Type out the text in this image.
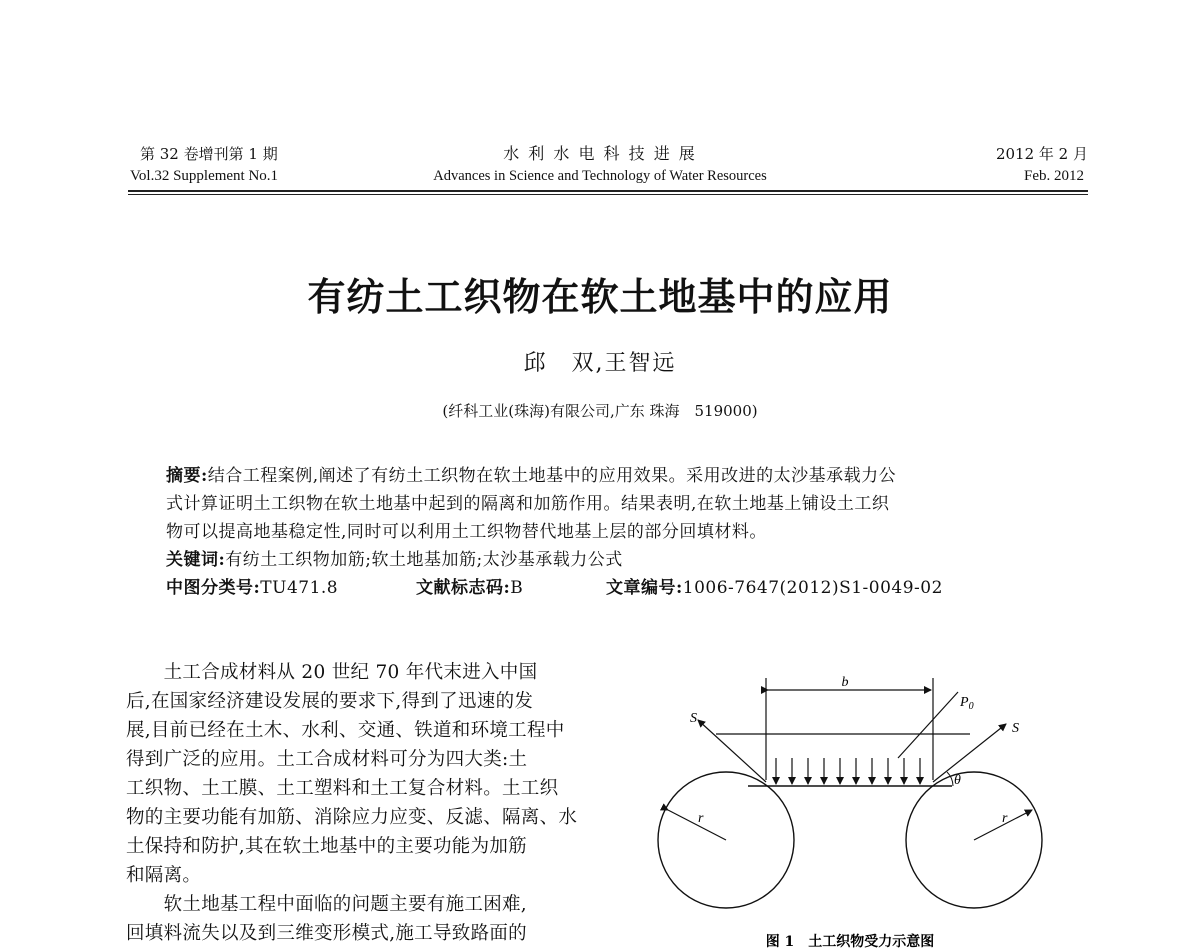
第 32 卷增刊第 1 期
Vol.32 Supplement No.1
水 利 水 电 科 技 进 展
Advances in Science and Technology of Water Resources
2012 年 2 月
Feb. 2012
有纺土工织物在软土地基中的应用
邱　双,王智远
(纤科工业(珠海)有限公司,广东 珠海　519000)
摘要:结合工程案例,阐述了有纺土工织物在软土地基中的应用效果。采用改进的太沙基承载力公
式计算证明土工织物在软土地基中起到的隔离和加筋作用。结果表明,在软土地基上铺设土工织
物可以提高地基稳定性,同时可以利用土工织物替代地基上层的部分回填材料。
关键词:有纺土工织物加筋;软土地基加筋;太沙基承载力公式
中图分类号:TU471.8	文献标志码:B	文章编号:1006-7647(2012)S1-0049-02
　　土工合成材料从 20 世纪 70 年代末进入中国
后,在国家经济建设发展的要求下,得到了迅速的发
展,目前已经在土木、水利、交通、铁道和环境工程中
得到广泛的应用。土工合成材料可分为四大类:土
工织物、土工膜、土工塑料和土工复合材料。土工织
物的主要功能有加筋、消除应力应变、反滤、隔离、水
土保持和防护,其在软土地基中的主要功能为加筋
和隔离。
　　软土地基工程中面临的问题主要有施工困难,
回填料流失以及到三维变形模式,施工导致路面的
b
$P_0$
S
S
θ
r	r
图 1　土工织物受力示意图
